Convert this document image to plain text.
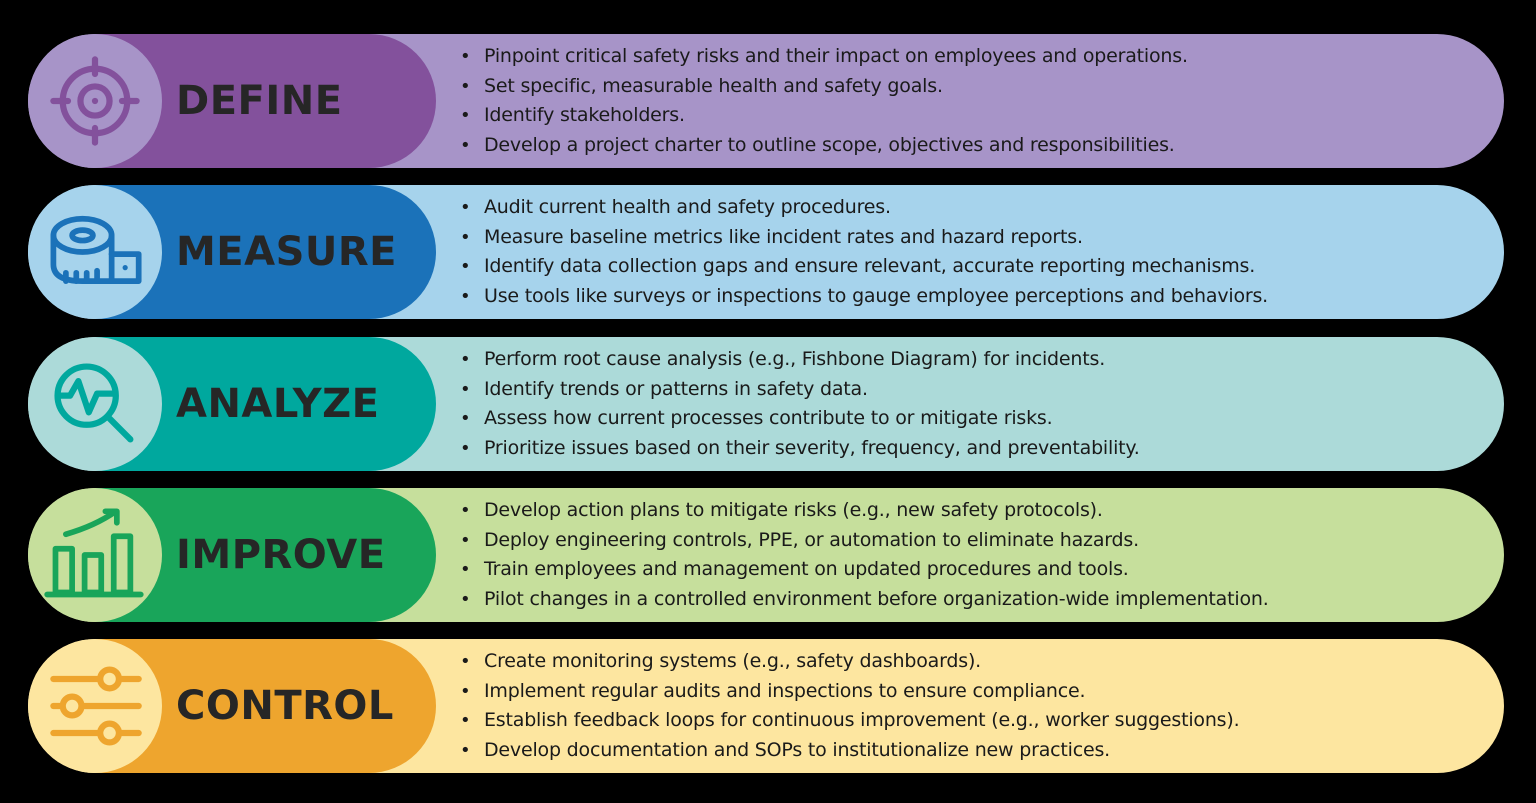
DEFINE
• Pinpoint critical safety risks and their impact on employees and operations.
• Set specific, measurable health and safety goals.
• Identify stakeholders.
• Develop a project charter to outline scope, objectives and responsibilities.
MEASURE
• Audit current health and safety procedures.
• Measure baseline metrics like incident rates and hazard reports.
• Identify data collection gaps and ensure relevant, accurate reporting mechanisms.
• Use tools like surveys or inspections to gauge employee perceptions and behaviors.
ANALYZE
• Perform root cause analysis (e.g., Fishbone Diagram) for incidents.
• Identify trends or patterns in safety data.
• Assess how current processes contribute to or mitigate risks.
• Prioritize issues based on their severity, frequency, and preventability.
IMPROVE
• Develop action plans to mitigate risks (e.g., new safety protocols).
• Deploy engineering controls, PPE, or automation to eliminate hazards.
• Train employees and management on updated procedures and tools.
• Pilot changes in a controlled environment before organization-wide implementation.
CONTROL
• Create monitoring systems (e.g., safety dashboards).
• Implement regular audits and inspections to ensure compliance.
• Establish feedback loops for continuous improvement (e.g., worker suggestions).
• Develop documentation and SOPs to institutionalize new practices.
